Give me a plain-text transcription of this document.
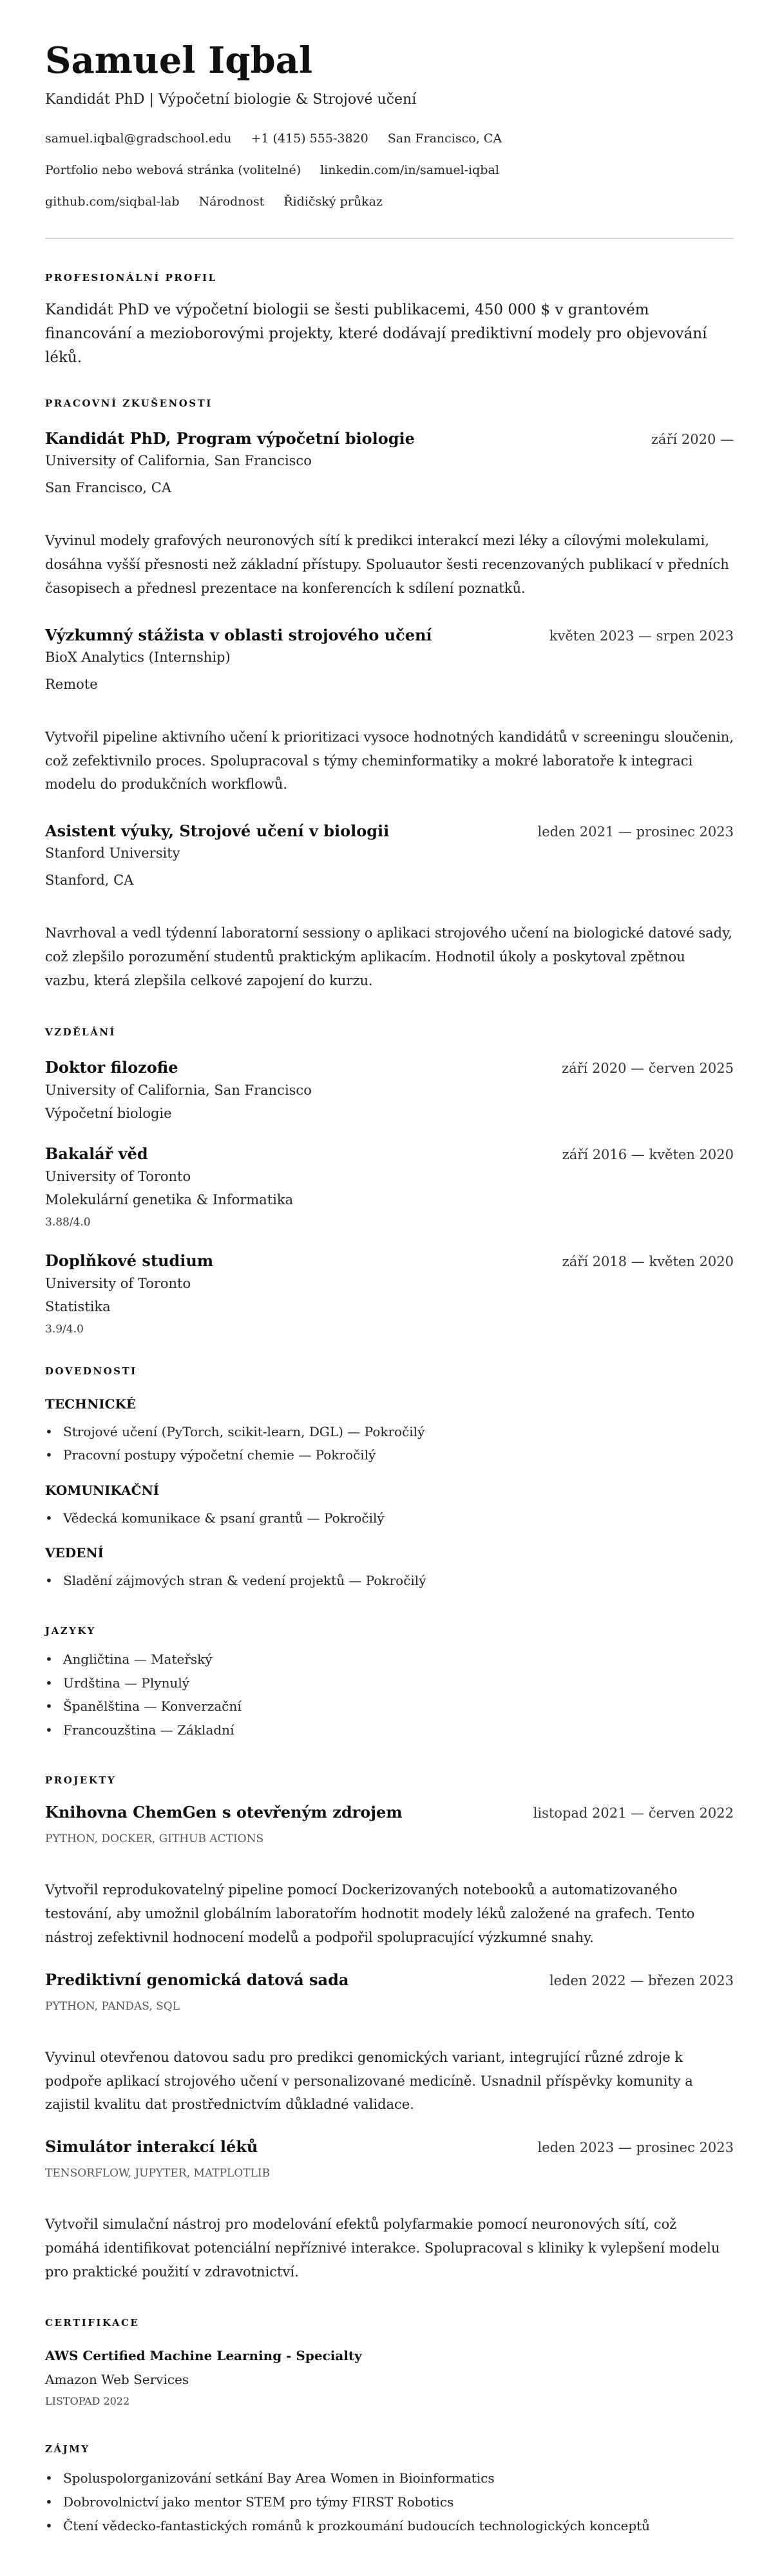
Samuel Iqbal
Kandidát PhD | Výpočetní biologie & Strojové učení
samuel.iqbal@gradschool.edu +1 (415) 555-3820 San Francisco, CA
Portfolio nebo webová stránka (volitelné) linkedin.com/in/samuel-iqbal
github.com/siqbal-lab Národnost Řidičský průkaz
PROFESIONÁLNÍ PROFIL
Kandidát PhD ve výpočetní biologii se šesti publikacemi, 450 000 $ v grantovém financování a mezioborovými projekty, které dodávají prediktivní modely pro objevování léků.
PRACOVNÍ ZKUŠENOSTI
Kandidát PhD, Program výpočetní biologie	září 2020 —
University of California, San Francisco
San Francisco, CA
Vyvinul modely grafových neuronových sítí k predikci interakcí mezi léky a cílovými molekulami, dosáhna vyšší přesnosti než základní přístupy. Spoluautor šesti recenzovaných publikací v předních časopisech a přednesl prezentace na konferencích k sdílení poznatků.
Výzkumný stážista v oblasti strojového učení	květen 2023 — srpen 2023
BioX Analytics (Internship)
Remote
Vytvořil pipeline aktivního učení k prioritizaci vysoce hodnotných kandidátů v screeningu sloučenin, což zefektivnilo proces. Spolupracoval s týmy cheminformatiky a mokré laboratoře k integraci modelu do produkčních workflowů.
Asistent výuky, Strojové učení v biologii	leden 2021 — prosinec 2023
Stanford University
Stanford, CA
Navrhoval a vedl týdenní laboratorní sessiony o aplikaci strojového učení na biologické datové sady, což zlepšilo porozumění studentů praktickým aplikacím. Hodnotil úkoly a poskytoval zpětnou vazbu, která zlepšila celkové zapojení do kurzu.
VZDĚLÁNÍ
Doktor filozofie	září 2020 — červen 2025
University of California, San Francisco
Výpočetní biologie
Bakalář věd	září 2016 — květen 2020
University of Toronto
Molekulární genetika & Informatika
3.88/4.0
Doplňkové studium	září 2018 — květen 2020
University of Toronto
Statistika
3.9/4.0
DOVEDNOSTI
TECHNICKÉ
• Strojové učení (PyTorch, scikit-learn, DGL) — Pokročilý
• Pracovní postupy výpočetní chemie — Pokročilý
KOMUNIKAČNÍ
• Vědecká komunikace & psaní grantů — Pokročilý
VEDENÍ
• Sladění zájmových stran & vedení projektů — Pokročilý
JAZYKY
• Angličtina — Mateřský
• Urdština — Plynulý
• Španělština — Konverzační
• Francouzština — Základní
PROJEKTY
Knihovna ChemGen s otevřeným zdrojem	listopad 2021 — červen 2022
PYTHON, DOCKER, GITHUB ACTIONS
Vytvořil reprodukovatelný pipeline pomocí Dockerizovaných notebooků a automatizovaného testování, aby umožnil globálním laboratořím hodnotit modely léků založené na grafech. Tento nástroj zefektivnil hodnocení modelů a podpořil spolupracující výzkumné snahy.
Prediktivní genomická datová sada	leden 2022 — březen 2023
PYTHON, PANDAS, SQL
Vyvinul otevřenou datovou sadu pro predikci genomických variant, integrující různé zdroje k podpoře aplikací strojového učení v personalizované medicíně. Usnadnil příspěvky komunity a zajistil kvalitu dat prostřednictvím důkladné validace.
Simulátor interakcí léků	leden 2023 — prosinec 2023
TENSORFLOW, JUPYTER, MATPLOTLIB
Vytvořil simulační nástroj pro modelování efektů polyfarmakie pomocí neuronových sítí, což pomáhá identifikovat potenciální nepříznivé interakce. Spolupracoval s kliniky k vylepšení modelu pro praktické použití v zdravotnictví.
CERTIFIKACE
AWS Certified Machine Learning - Specialty
Amazon Web Services
LISTOPAD 2022
ZÁJMY
• Spoluspolorganizování setkání Bay Area Women in Bioinformatics
• Dobrovolnictví jako mentor STEM pro týmy FIRST Robotics
• Čtení vědecko-fantastických románů k prozkoumání budoucích technologických konceptů
